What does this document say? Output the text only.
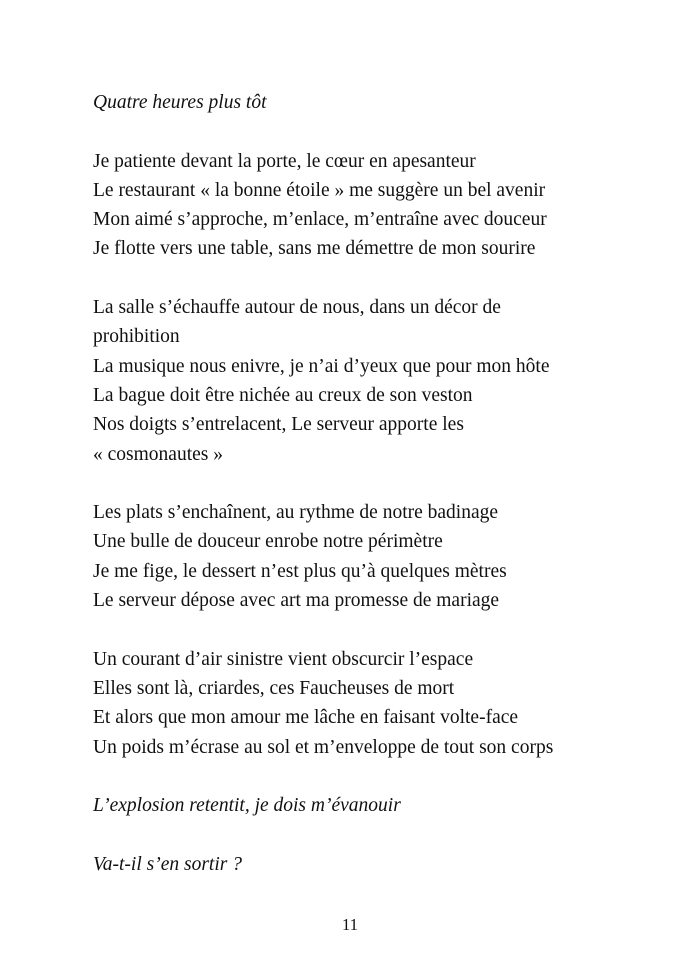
Quatre heures plus tôt
Je patiente devant la porte, le cœur en apesanteur
Le restaurant « la bonne étoile » me suggère un bel avenir
Mon aimé s’approche, m’enlace, m’entraîne avec douceur
Je flotte vers une table, sans me démettre de mon sourire
La salle s’échauffe autour de nous, dans un décor de
prohibition
La musique nous enivre, je n’ai d’yeux que pour mon hôte
La bague doit être nichée au creux de son veston
Nos doigts s’entrelacent, Le serveur apporte les
« cosmonautes »
Les plats s’enchaînent, au rythme de notre badinage
Une bulle de douceur enrobe notre périmètre
Je me fige, le dessert n’est plus qu’à quelques mètres
Le serveur dépose avec art ma promesse de mariage
Un courant d’air sinistre vient obscurcir l’espace
Elles sont là, criardes, ces Faucheuses de mort
Et alors que mon amour me lâche en faisant volte-face
Un poids m’écrase au sol et m’enveloppe de tout son corps
L’explosion retentit, je dois m’évanouir
Va-t-il s’en sortir ?
11
